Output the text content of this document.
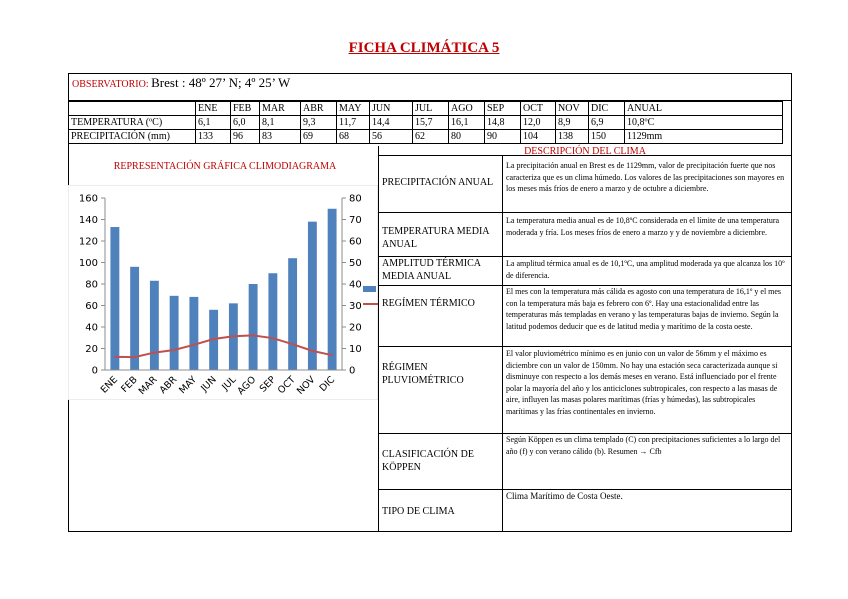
FICHA CLIMÁTICA 5
OBSERVATORIO: Brest : 48º 27’ N; 4º 25’ W
	ENE	FEB	MAR	ABR	MAY	JUN	JUL	AGO	SEP	OCT	NOV	DIC	ANUAL
TEMPERATURA (ºC)	6,1	6,0	8,1	9,3	11,7	14,4	15,7	16,1	14,8	12,0	8,9	6,9	10,8ºC
PRECIPITACIÓN (mm)	133	96	83	69	68	56	62	80	90	104	138	150	1129mm
DESCRIPCIÓN DEL CLIMA
REPRESENTACIÓN GRÁFICA CLIMODIAGRAMA
0
20
40
60
80
100
120
140
160
0
10
20
30
40
50
60
70
80
ENE FEB
MAR
ABR
MAY JUN JUL
AGO SEP
OCT
NOV DIC
PRECIPITACIÓN ANUAL
La precipitación anual en Brest es de 1129mm, valor de precipitación fuerte que nos caracteriza que es un clima húmedo. Los valores de las precipitaciones son mayores en los meses más fríos de enero a marzo y de octubre a diciembre.
TEMPERATURA MEDIA ANUAL
La temperatura media anual es de 10,8ºC considerada en el límite de una temperatura moderada y fría. Los meses fríos de enero a marzo y y de noviembre a diciembre.
AMPLITUD TÉRMICA MEDIA ANUAL
La amplitud térmica anual es de 10,1ºC, una amplitud moderada ya que alcanza los 10º de diferencia.
REGÍMEN TÉRMICO
El mes con la temperatura más cálida es agosto con una temperatura de 16,1º y el mes con la temperatura más baja es febrero con 6º. Hay una estacionalidad entre las temperaturas más templadas en verano y las temperaturas bajas de invierno. Según la latitud podemos deducir que es de latitud media y marítimo de la costa oeste.
RÉGIMEN PLUVIOMÉTRICO
El valor pluviométrico mínimo es en junio con un valor de 56mm y el máximo es diciembre con un valor de 150mm. No hay una estación seca caracterizada aunque si disminuye con respecto a los demás meses en verano. Está influenciado por el frente polar la mayoría del año y los anticiclones subtropicales, con respecto a las masas de aire, influyen las masas polares marítimas (frías y húmedas), las subtropicales marítimas y las frías continentales en invierno.
CLASIFICACIÓN DE KÖPPEN
Según Köppen es un clima templado (C) con precipitaciones suficientes a lo largo del año (f) y con verano cálido (b). Resumen → Cfb
TIPO DE CLIMA
Clima Marítimo de Costa Oeste.
